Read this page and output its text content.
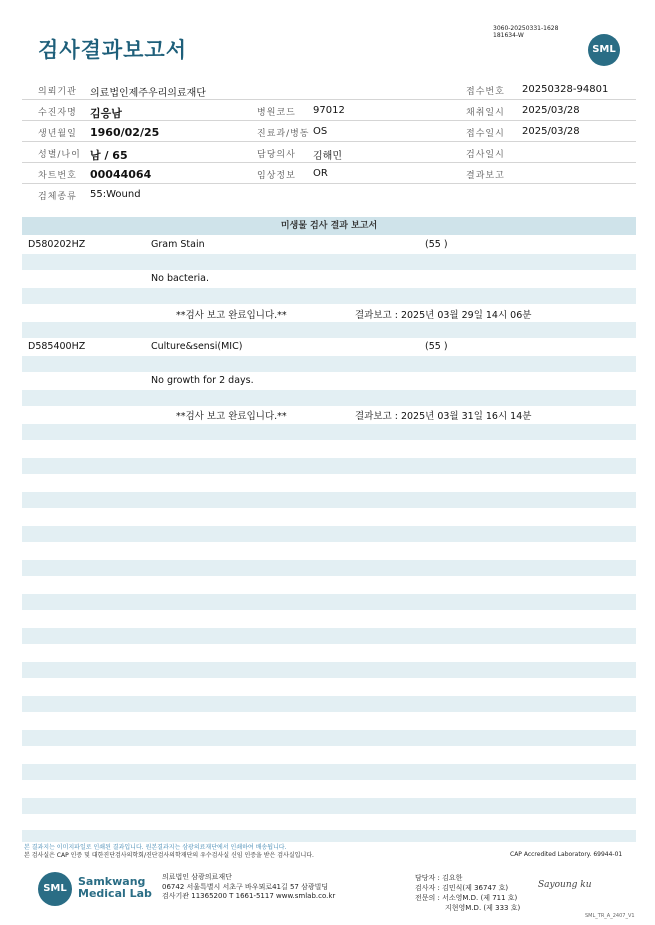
검사결과보고서
3060-20250331-1628
181634-W
SML
의뢰기관 의료법인제주우리의료재단	접수번호 20250328-94801
수진자명 김응남	병원코드 97012	채취일시 2025/03/28
생년월일 1960/02/25	진료과/병동 OS	접수일시 2025/03/28
성별/나이 남 / 65	담당의사 김해민	검사일시
차트번호 00044064	임상정보 OR	결과보고
검체종류 55:Wound
미생물 검사 결과 보고서
D580202HZ	Gram Stain	(55 )
No bacteria.
**검사 보고 완료입니다.**	결과보고 : 2025년 03월 29일 14시 06분
D585400HZ	Culture&sensi(MIC)	(55 )
No growth for 2 days.
**검사 보고 완료입니다.**	결과보고 : 2025년 03월 31일 16시 14분
본 결과지는 이미지파일로 인쇄된 결과입니다. 원본결과지는 삼광의료재단에서 인쇄하여 배송됩니다.
본 검사실은 CAP 인증 및 대한진단검사의학회/진단검사의학재단의 우수검사실 신임 인증을 받은 검사실입니다.	CAP Accredited Laboratory. 69944-01
SML
Samkwang
Medical Lab
의료법인 삼광의료재단
06742 서울특별시 서초구 바우뫼로41길 57 삼광빌딩
검사기관 11365200 T 1661-5117 www.smlab.co.kr
담당자 : 김요한
검사자 : 김민식(제 36747 호)
전문의 : 서소영M.D. (제 711 호)
지현영M.D. (제 333 호)
Sayoung ku
SML_TR_A_2407_V1
